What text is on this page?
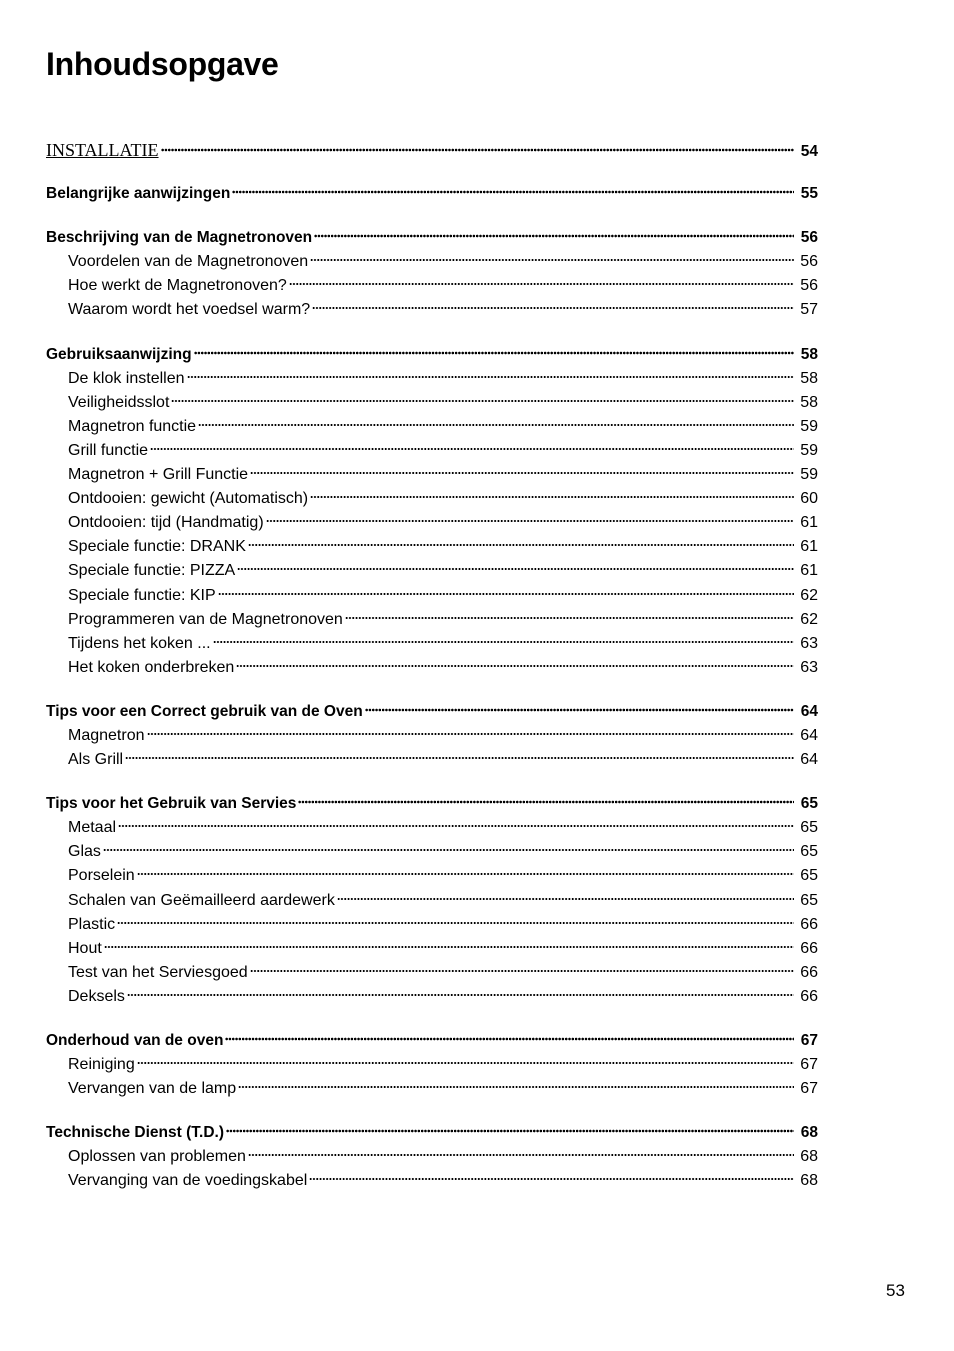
Inhoudsopgave
INSTALLATIE	54
Belangrijke aanwijzingen	55
Beschrijving van de Magnetronoven	56
Voordelen van de Magnetronoven	56
Hoe werkt de Magnetronoven?	56
Waarom wordt het voedsel warm?	57
Gebruiksaanwijzing	58
De klok instellen	58
Veiligheidsslot	58
Magnetron functie	59
Grill functie	59
Magnetron + Grill Functie	59
Ontdooien: gewicht (Automatisch)	60
Ontdooien: tijd (Handmatig)	61
Speciale functie: DRANK	61
Speciale functie: PIZZA	61
Speciale functie: KIP	62
Programmeren van de Magnetronoven	62
Tijdens het koken ...	63
Het koken onderbreken	63
Tips voor een Correct gebruik van de Oven	64
Magnetron	64
Als Grill	64
Tips voor het Gebruik van Servies	65
Metaal	65
Glas	65
Porselein	65
Schalen van Geëmailleerd aardewerk	65
Plastic	66
Hout	66
Test van het Serviesgoed	66
Deksels	66
Onderhoud van de oven	67
Reiniging	67
Vervangen van de lamp	67
Technische Dienst (T.D.)	68
Oplossen van problemen	68
Vervanging van de voedingskabel	68
53
